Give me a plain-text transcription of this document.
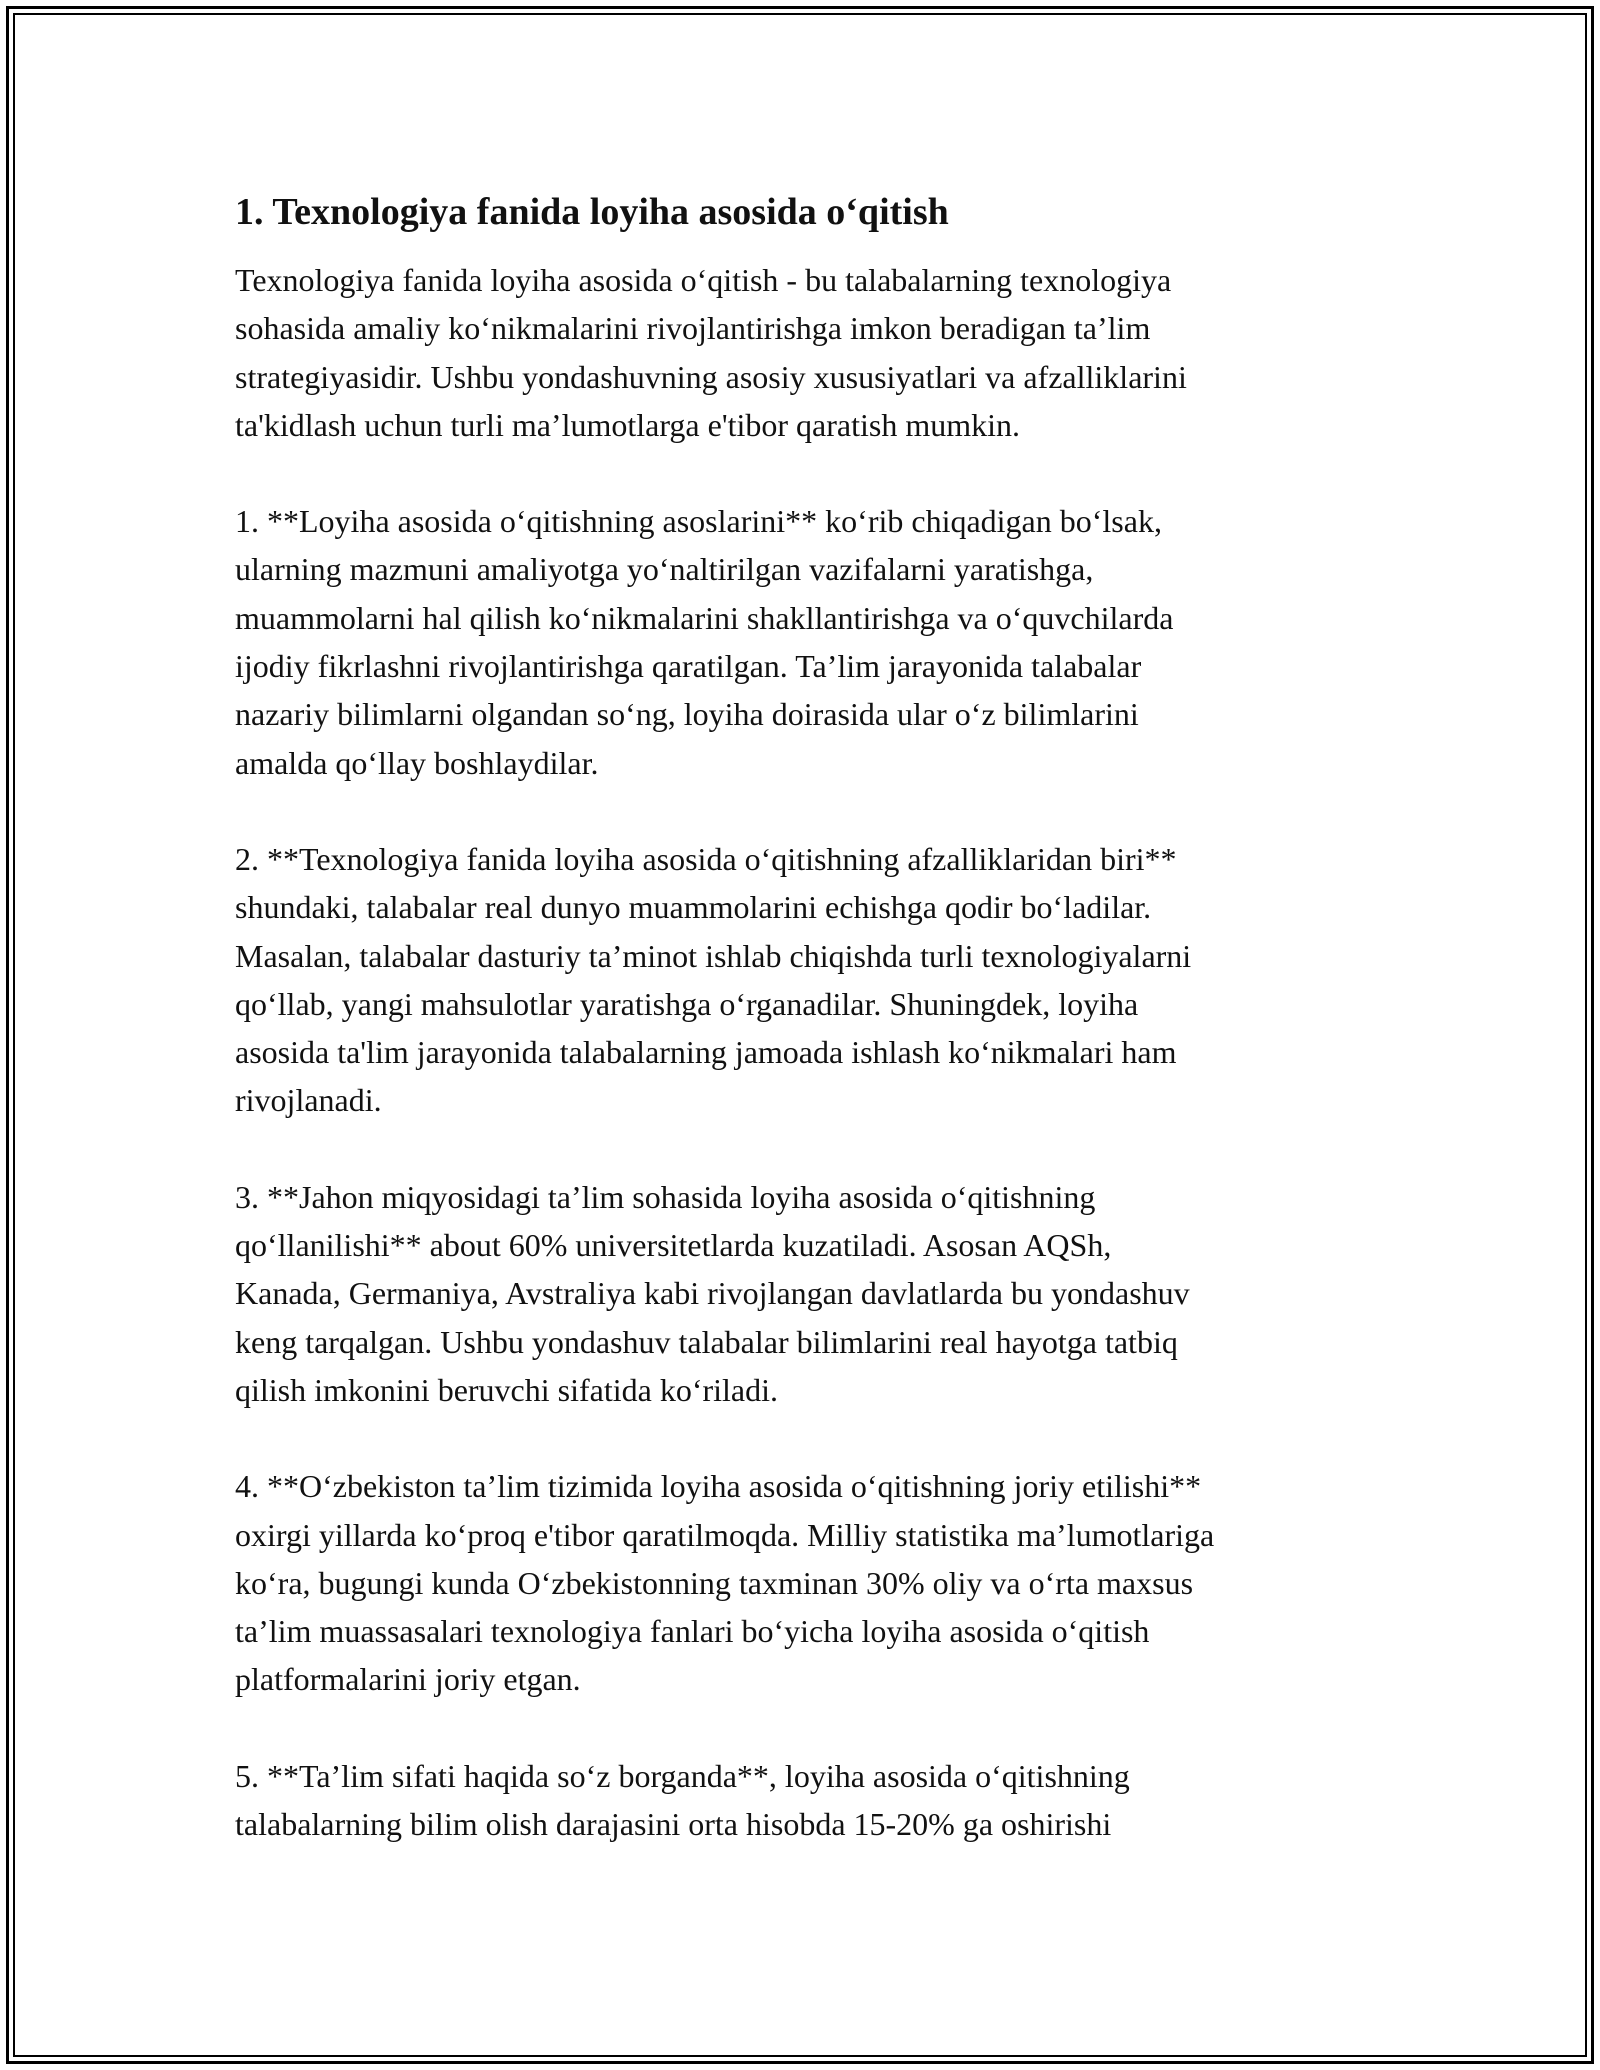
1. Texnologiya fanida loyiha asosida o‘qitish
Texnologiya fanida loyiha asosida o‘qitish - bu talabalarning texnologiya
sohasida amaliy ko‘nikmalarini rivojlantirishga imkon beradigan ta’lim
strategiyasidir. Ushbu yondashuvning asosiy xususiyatlari va afzalliklarini
ta'kidlash uchun turli ma’lumotlarga e'tibor qaratish mumkin.
1. **Loyiha asosida o‘qitishning asoslarini** ko‘rib chiqadigan bo‘lsak,
ularning mazmuni amaliyotga yo‘naltirilgan vazifalarni yaratishga,
muammolarni hal qilish ko‘nikmalarini shakllantirishga va o‘quvchilarda
ijodiy fikrlashni rivojlantirishga qaratilgan. Ta’lim jarayonida talabalar
nazariy bilimlarni olgandan so‘ng, loyiha doirasida ular o‘z bilimlarini
amalda qo‘llay boshlaydilar.
2. **Texnologiya fanida loyiha asosida o‘qitishning afzalliklaridan biri**
shundaki, talabalar real dunyo muammolarini echishga qodir bo‘ladilar.
Masalan, talabalar dasturiy ta’minot ishlab chiqishda turli texnologiyalarni
qo‘llab, yangi mahsulotlar yaratishga o‘rganadilar. Shuningdek, loyiha
asosida ta'lim jarayonida talabalarning jamoada ishlash ko‘nikmalari ham
rivojlanadi.
3. **Jahon miqyosidagi ta’lim sohasida loyiha asosida o‘qitishning
qo‘llanilishi** about 60% universitetlarda kuzatiladi. Asosan AQSh,
Kanada, Germaniya, Avstraliya kabi rivojlangan davlatlarda bu yondashuv
keng tarqalgan. Ushbu yondashuv talabalar bilimlarini real hayotga tatbiq
qilish imkonini beruvchi sifatida ko‘riladi.
4. **O‘zbekiston ta’lim tizimida loyiha asosida o‘qitishning joriy etilishi**
oxirgi yillarda ko‘proq e'tibor qaratilmoqda. Milliy statistika ma’lumotlariga
ko‘ra, bugungi kunda O‘zbekistonning taxminan 30% oliy va o‘rta maxsus
ta’lim muassasalari texnologiya fanlari bo‘yicha loyiha asosida o‘qitish
platformalarini joriy etgan.
5. **Ta’lim sifati haqida so‘z borganda**, loyiha asosida o‘qitishning
talabalarning bilim olish darajasini orta hisobda 15-20% ga oshirishi
